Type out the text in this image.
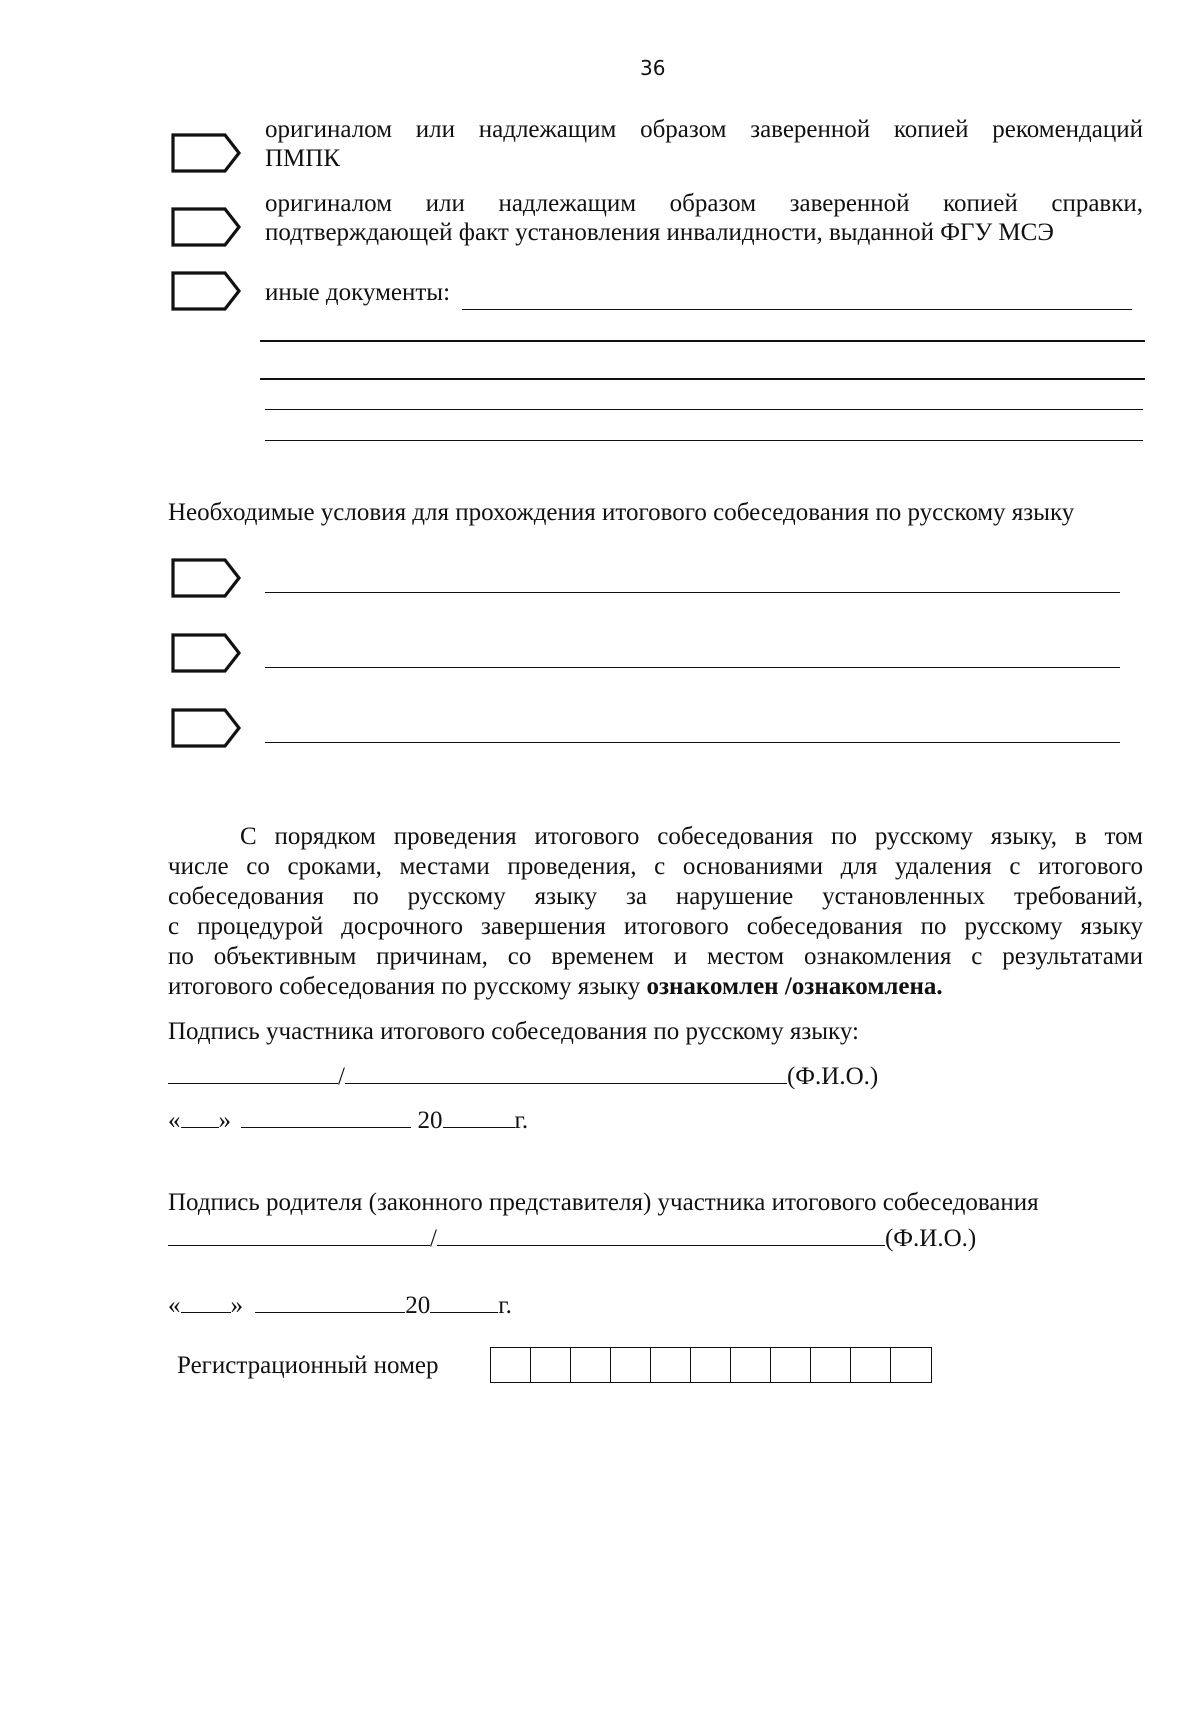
36
оригиналом или надлежащим образом заверенной копией рекомендаций
ПМПК
оригиналом или надлежащим образом заверенной копией справки,
подтверждающей факт установления инвалидности, выданной ФГУ МСЭ
иные документы:
Необходимые условия для прохождения итогового собеседования по русскому языку
С порядком проведения итогового собеседования по русскому языку, в том
числе со сроками, местами проведения, с основаниями для удаления с итогового
собеседования по русскому языку за нарушение установленных требований,
с процедурой досрочного завершения итогового собеседования по русскому языку
по объективным причинам, со временем и местом ознакомления с результатами
итогового собеседования по русскому языку ознакомлен /ознакомлена.
Подпись участника итогового собеседования по русскому языку:
/	(Ф.И.О.)
« »	20	г.
Подпись родителя (законного представителя) участника итогового собеседования
/	(Ф.И.О.)
« »	20	г.
Регистрационный номер
